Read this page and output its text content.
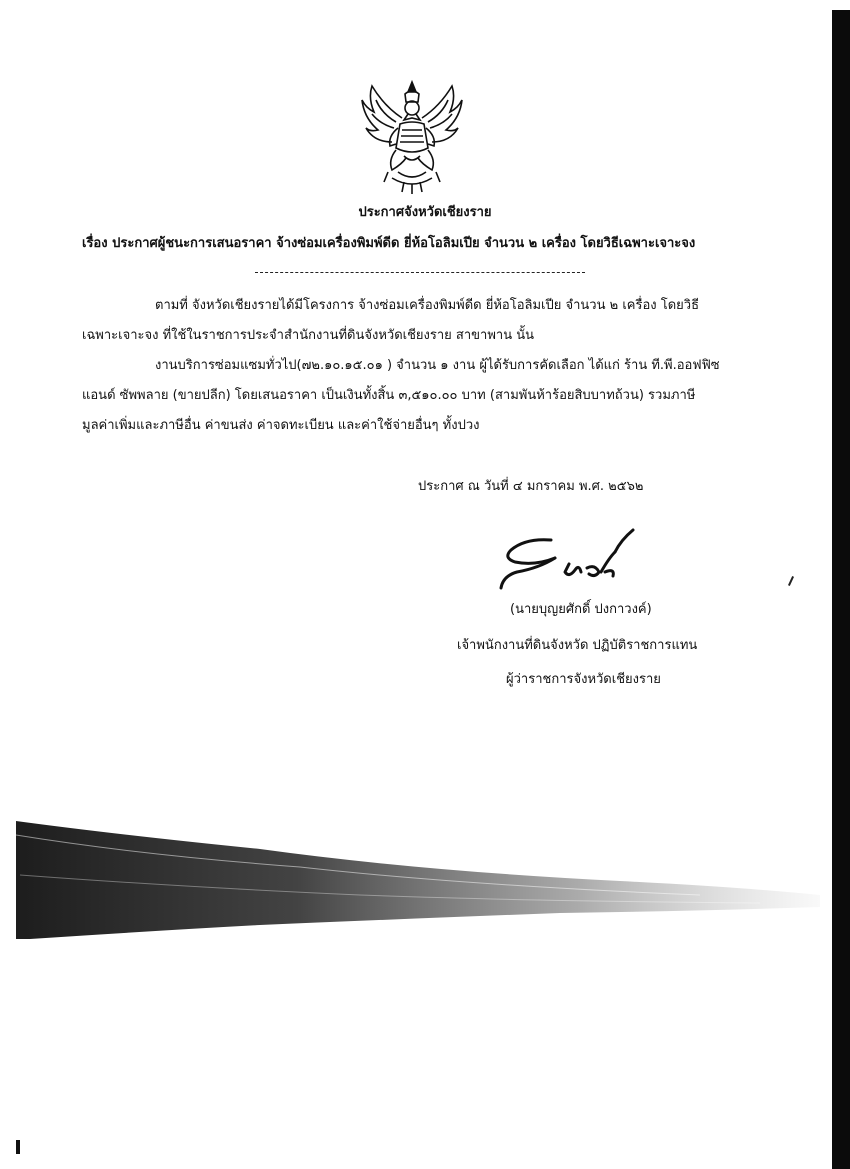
ประกาศจังหวัดเชียงราย
เรื่อง ประกาศผู้ชนะการเสนอราคา จ้างซ่อมเครื่องพิมพ์ดีด ยี่ห้อโอลิมเปีย จำนวน ๒ เครื่อง โดยวิธีเฉพาะเจาะจง
ตามที่ จังหวัดเชียงรายได้มีโครงการ จ้างซ่อมเครื่องพิมพ์ดีด ยี่ห้อโอลิมเปีย จำนวน ๒ เครื่อง โดยวิธี
เฉพาะเจาะจง ที่ใช้ในราชการประจำสำนักงานที่ดินจังหวัดเชียงราย สาขาพาน นั้น
งานบริการซ่อมแซมทั่วไป(๗๒.๑๐.๑๕.๐๑ ) จำนวน ๑ งาน ผู้ได้รับการคัดเลือก ได้แก่ ร้าน ที.พี.ออฟฟิซ
แอนด์ ซัพพลาย (ขายปลีก) โดยเสนอราคา เป็นเงินทั้งสิ้น ๓,๕๑๐.๐๐ บาท (สามพันห้าร้อยสิบบาทถ้วน) รวมภาษี
มูลค่าเพิ่มและภาษีอื่น ค่าขนส่ง ค่าจดทะเบียน และค่าใช้จ่ายอื่นๆ ทั้งปวง
ประกาศ ณ วันที่ ๔ มกราคม พ.ศ. ๒๕๖๒
(นายบุญยศักดิ์ ปงกาวงค์)
เจ้าพนักงานที่ดินจังหวัด ปฏิบัติราชการแทน
ผู้ว่าราชการจังหวัดเชียงราย
